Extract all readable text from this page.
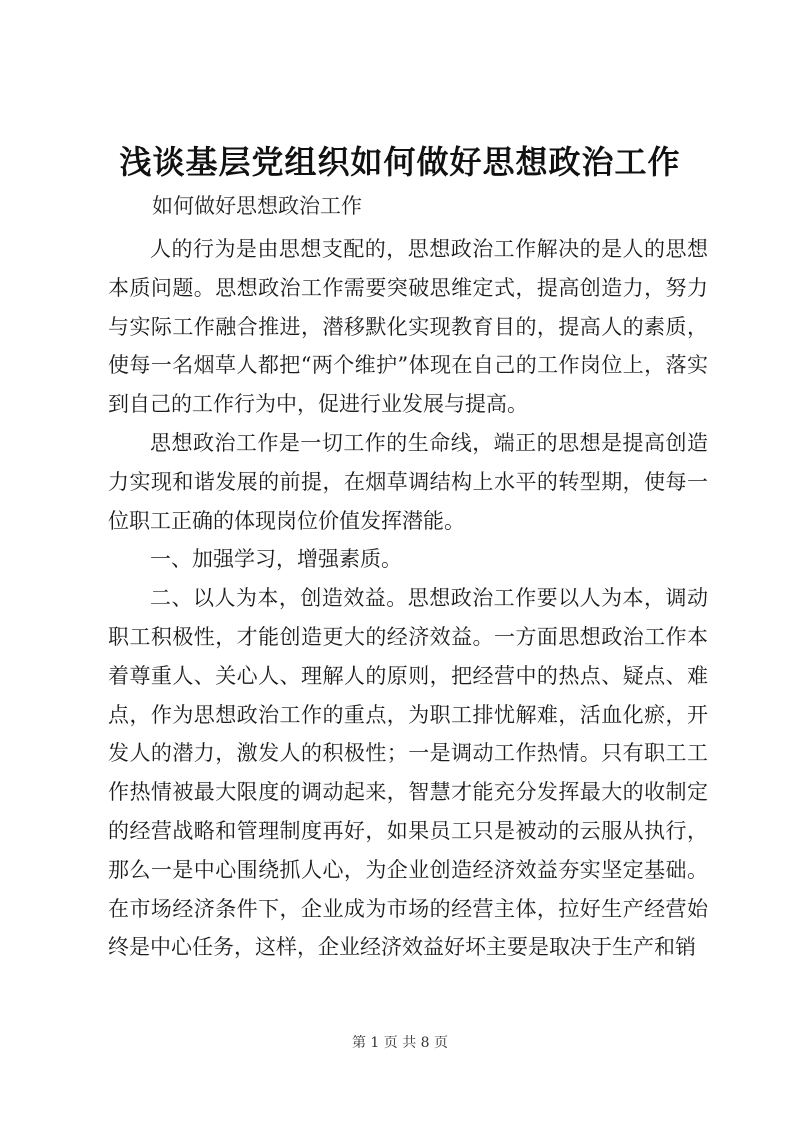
浅谈基层党组织如何做好思想政治工作
如何做好思想政治工作

人的行为是由思想支配的，思想政治工作解决的是人的思想本质问题。思想政治工作需要突破思维定式，提高创造力，努力与实际工作融合推进，潜移默化实现教育目的，提高人的素质，使每一名烟草人都把“两个维护”体现在自己的工作岗位上，落实到自己的工作行为中，促进行业发展与提高。

思想政治工作是一切工作的生命线，端正的思想是提高创造力实现和谐发展的前提，在烟草调结构上水平的转型期，使每一位职工正确的体现岗位价值发挥潜能。

一、加强学习，增强素质。

二、以人为本，创造效益。思想政治工作要以人为本，调动职工积极性，才能创造更大的经济效益。一方面思想政治工作本着尊重人、关心人、理解人的原则，把经营中的热点、疑点、难点，作为思想政治工作的重点，为职工排忧解难，活血化瘀，开发人的潜力，激发人的积极性；一是调动工作热情。只有职工工作热情被最大限度的调动起来，智慧才能充分发挥最大的收制定的经营战略和管理制度再好，如果员工只是被动的云服从执行，那么一是中心围绕抓人心，为企业创造经济效益夯实坚定基础。在市场经济条件下，企业成为市场的经营主体，拉好生产经营始终是中心任务，这样，企业经济效益好坏主要是取决于生产和销

第 1 页 共 8 页
